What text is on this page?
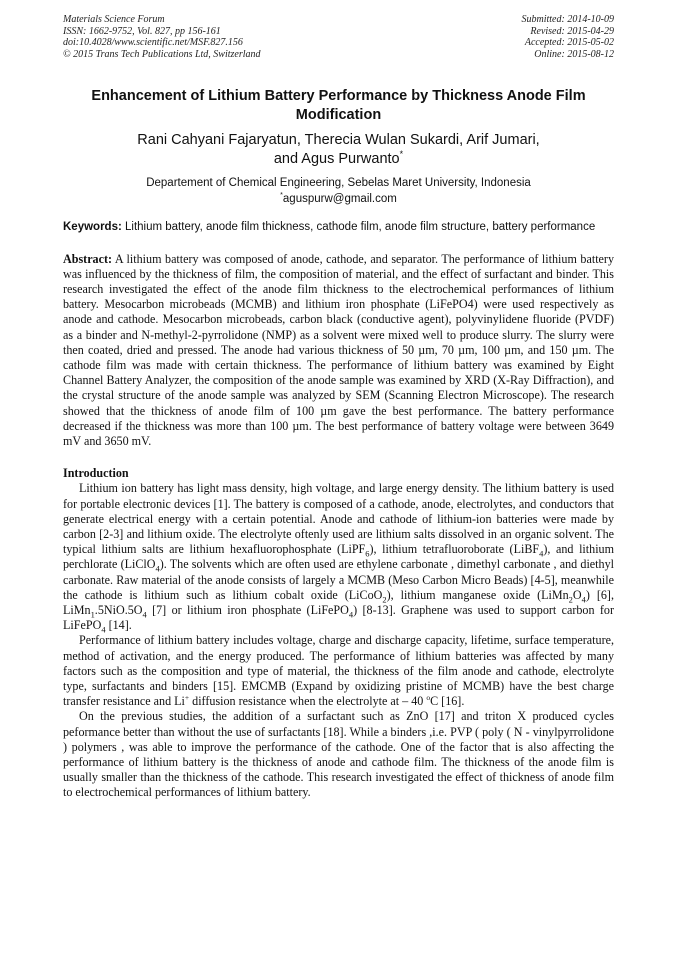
Materials Science Forum
ISSN: 1662-9752, Vol. 827, pp 156-161
doi:10.4028/www.scientific.net/MSF.827.156
© 2015 Trans Tech Publications Ltd, Switzerland
Submitted: 2014-10-09
Revised: 2015-04-29
Accepted: 2015-05-02
Online: 2015-08-12
Enhancement of Lithium Battery Performance by Thickness Anode Film Modification
Rani Cahyani Fajaryatun, Therecia Wulan Sukardi, Arif Jumari,
and Agus Purwanto*
Departement of Chemical Engineering, Sebelas Maret University, Indonesia
*aguspurw@gmail.com
Keywords: Lithium battery, anode film thickness, cathode film, anode film structure, battery performance
Abstract: A lithium battery was composed of anode, cathode, and separator. The performance of lithium battery was influenced by the thickness of film, the composition of material, and the effect of surfactant and binder. This research investigated the effect of the anode film thickness to the electrochemical performances of lithium battery. Mesocarbon microbeads (MCMB) and lithium iron phosphate (LiFePO4) were used respectively as anode and cathode. Mesocarbon microbeads, carbon black (conductive agent), polyvinylidene fluoride (PVDF) as a binder and N-methyl-2-pyrrolidone (NMP) as a solvent were mixed well to produce slurry. The slurry were then coated, dried and pressed. The anode had various thickness of 50 µm, 70 µm, 100 µm, and 150 µm. The cathode film was made with certain thickness. The performance of lithium battery was examined by Eight Channel Battery Analyzer, the composition of the anode sample was examined by XRD (X-Ray Diffraction), and the crystal structure of the anode sample was analyzed by SEM (Scanning Electron Microscope). The research showed that the thickness of anode film of 100 µm gave the best performance. The battery performance decreased if the thickness was more than 100 µm. The best performance of battery voltage were between 3649 mV and 3650 mV.
Introduction

Lithium ion battery has light mass density, high voltage, and large energy density. The lithium battery is used for portable electronic devices [1]. The battery is composed of a cathode, anode, electrolytes, and conductors that generate electrical energy with a certain potential. Anode and cathode of lithium-ion batteries were made by carbon [2-3] and lithium oxide. The electrolyte oftenly used are lithium salts dissolved in an organic solvent. The typical lithium salts are lithium hexafluorophosphate (LiPF$_6$), lithium tetrafluoroborate (LiBF$_4$), and lithium perchlorate (LiClO$_4$). The solvents which are often used are ethylene carbonate , dimethyl carbonate , and diethyl carbonate. Raw material of the anode consists of largely a MCMB (Meso Carbon Micro Beads) [4-5], meanwhile the cathode is lithium such as lithium cobalt oxide (LiCoO$_2$), lithium manganese oxide $(LiMn_2O_4)$ [6], $LiMn_1.5NiO.5O_4$ [7] or lithium iron phosphate (LiFePO$_4$) [8-13]. Graphene was used to support carbon for LiFePO$_4$ [14].

Performance of lithium battery includes voltage, charge and discharge capacity, lifetime, surface temperature, method of activation, and the energy produced. The performance of lithium batteries was affected by many factors such as the composition and type of material, the thickness of the film anode and cathode, electrolyte type, surfactants and binders [15]. EMCMB (Expand by oxidizing pristine of MCMB) have the best charge transfer resistance and Li+ diffusion resistance when the electrolyte at – 40 $^o$C [16].

On the previous studies, the addition of a surfactant such as ZnO [17] and triton X produced cycles peformance better than without the use of surfactants [18]. While a binders ,i.e. PVP ( poly ( N - vinylpyrrolidone ) polymers , was able to improve the performance of the cathode. One of the factor that is also affecting the performance of lithium battery is the thickness of anode and cathode film. The thickness of the anode film is usually smaller than the thickness of the cathode. This research investigated the effect of thickness of anode film to electrochemical performances of lithium battery.
